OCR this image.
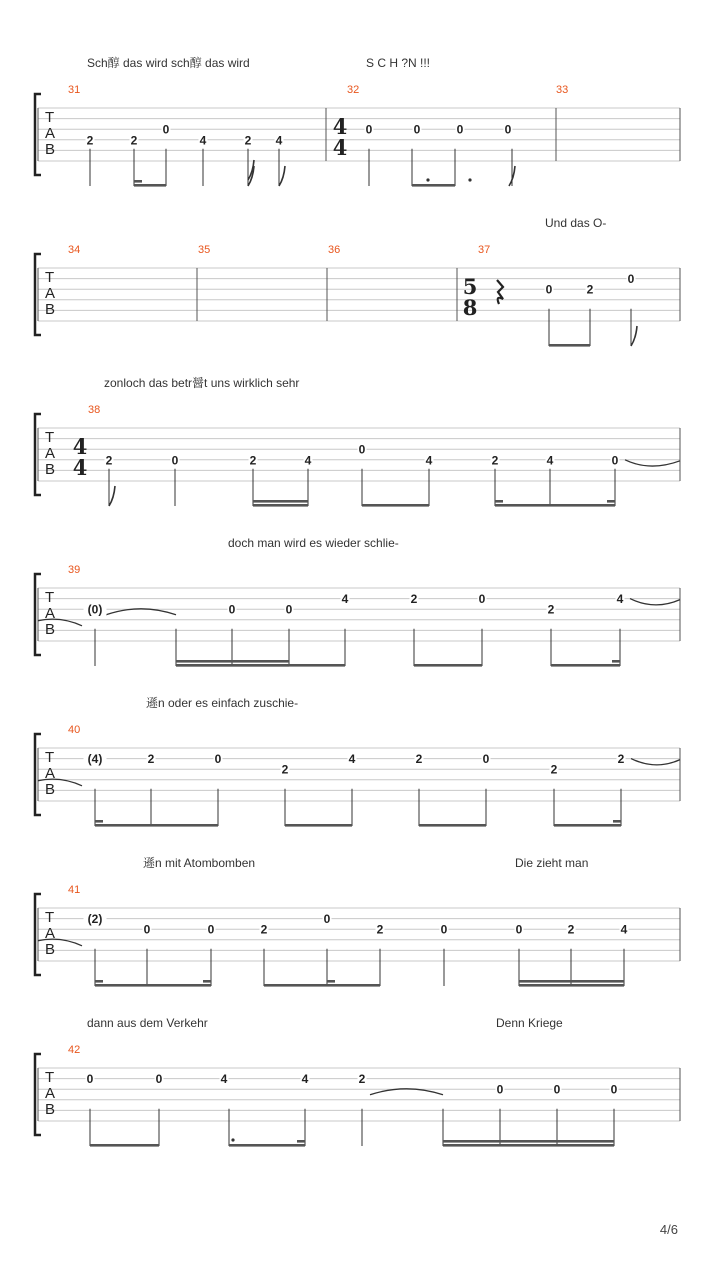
Sch醇 das wird sch醇 das wird	S C H ?N !!!
31	32	33
T
A
B
4
4
2	2
0
4	2 4
0	0	0	0
Und das O-
34	35	36	37
T
A
B
5
8
0	2
0
zonloch das betr醤t uns wirklich sehr
38
T
A
B
4
4 2	0	2	4
0
4	2	4	0
doch man wird es wieder schlie-
39
T
A
B
(0)	0	0
4	2	0
2
4
遜n oder es einfach zuschie-
40
T
A
B
(4)	2	0
2
4	2	0
2
2
遜n mit Atombomben	Die zieht man
41
T
A
B
(2)
0	0	2
0
2	0	0	2	4
dann aus dem Verkehr	Denn Kriege
42
T
A
B
0	0	4	4	2
0	0	0
4/6
